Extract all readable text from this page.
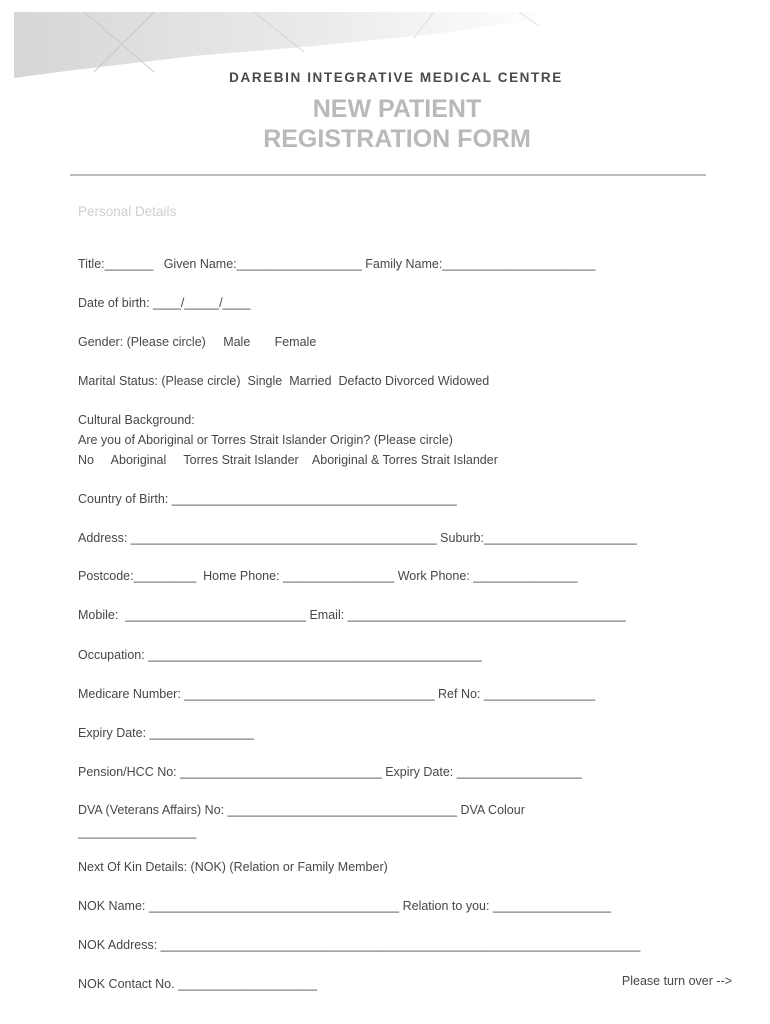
DAREBIN INTEGRATIVE MEDICAL CENTRE
NEW PATIENT
REGISTRATION FORM
Personal Details
Title:_______   Given Name:__________________ Family Name:______________________
Date of birth: ____/_____/____
Gender: (Please circle)     Male       Female
Marital Status: (Please circle)  Single  Married  Defacto Divorced Widowed
Cultural Background:
Are you of Aboriginal or Torres Strait Islander Origin? (Please circle)
No     Aboriginal     Torres Strait Islander    Aboriginal & Torres Strait Islander
Country of Birth: _________________________________________
Address: ____________________________________________ Suburb:______________________
Postcode:_________  Home Phone: ________________ Work Phone: _______________
Mobile:  __________________________ Email: ________________________________________
Occupation: ________________________________________________
Medicare Number: ____________________________________ Ref No: ________________
Expiry Date: _______________
Pension/HCC No: _____________________________ Expiry Date: __________________
DVA (Veterans Affairs) No: _________________________________ DVA Colour
_________________
Next Of Kin Details: (NOK) (Relation or Family Member)
NOK Name: ____________________________________ Relation to you: _________________
NOK Address: _____________________________________________________________________
NOK Contact No. ____________________	Please turn over -->
